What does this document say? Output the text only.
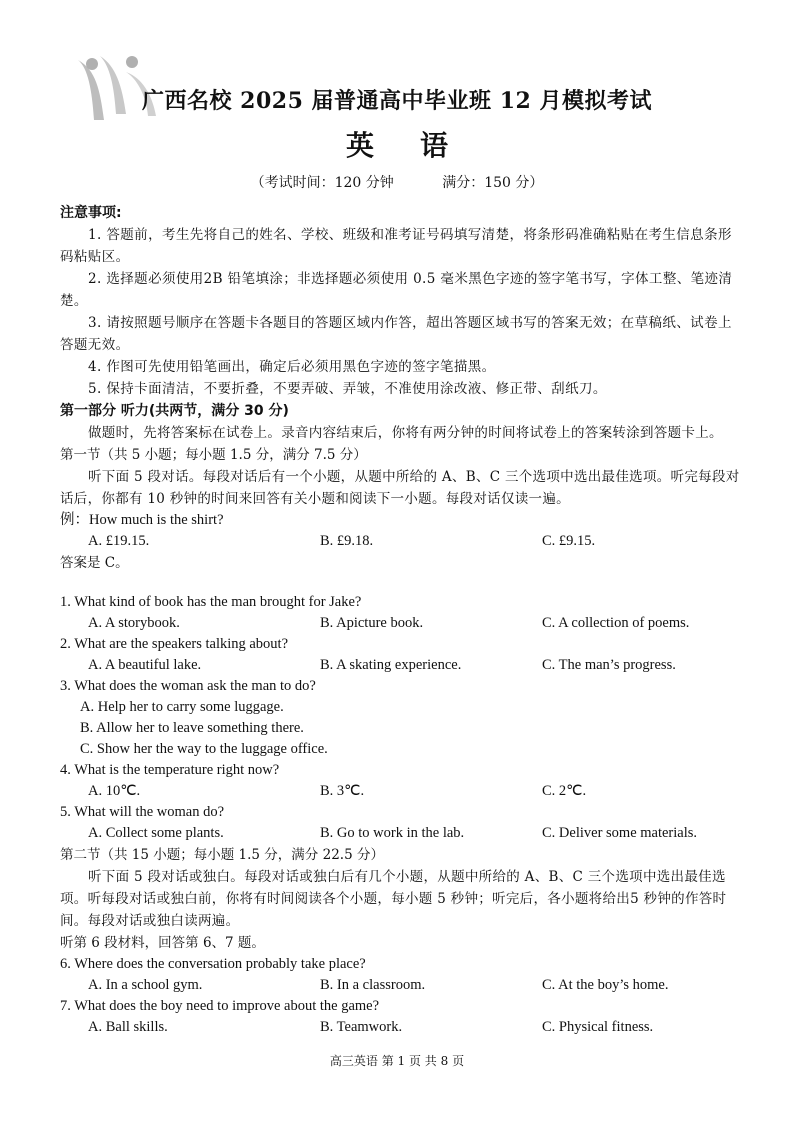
广西名校 2025 届普通高中毕业班 12 月模拟考试
英语
（考试时间：120 分钟	满分：150 分）
注意事项:
1. 答题前，考生先将自己的姓名、学校、班级和准考证号码填写清楚，将条形码准确粘贴在考生信息条形码粘贴区。
2. 选择题必须使用2B 铅笔填涂；非选择题必须使用 0.5 毫米黑色字迹的签字笔书写，字体工整、笔迹清楚。
3. 请按照题号顺序在答题卡各题目的答题区域内作答，超出答题区域书写的答案无效；在草稿纸、试卷上答题无效。
4. 作图可先使用铅笔画出，确定后必须用黑色字迹的签字笔描黑。
5. 保持卡面清洁，不要折叠，不要弄破、弄皱，不准使用涂改液、修正带、刮纸刀。
第一部分 听力(共两节，满分 30 分)
做题时，先将答案标在试卷上。录音内容结束后，你将有两分钟的时间将试卷上的答案转涂到答题卡上。
第一节（共 5 小题；每小题 1.5 分，满分 7.5 分）
听下面 5 段对话。每段对话后有一个小题，从题中所给的 A、B、C 三个选项中选出最佳选项。听完每段对话后，你都有 10 秒钟的时间来回答有关小题和阅读下一小题。每段对话仅读一遍。
例：How much is the shirt?
A. £19.15.	B. £9.18.	C. £9.15.
答案是 C。
1. What kind of book has the man brought for Jake?
A. A storybook.	B. Apicture book.	C. A collection of poems.
2. What are the speakers talking about?
A. A beautiful lake.	B. A skating experience.	C. The man’s progress.
3. What does the woman ask the man to do?
A. Help her to carry some luggage.
B. Allow her to leave something there.
C. Show her the way to the luggage office.
4. What is the temperature right now?
A. 10℃.	B. 3℃.	C. 2℃.
5. What will the woman do?
A. Collect some plants.	B. Go to work in the lab.	C. Deliver some materials.
第二节（共 15 小题；每小题 1.5 分，满分 22.5 分）
听下面 5 段对话或独白。每段对话或独白后有几个小题，从题中所给的 A、B、C 三个选项中选出最佳选项。听每段对话或独白前，你将有时间阅读各个小题，每小题 5 秒钟；听完后，各小题将给出5 秒钟的作答时间。每段对话或独白读两遍。
听第 6 段材料，回答第 6、7 题。
6. Where does the conversation probably take place?
A. In a school gym.	B. In a classroom.	C. At the boy’s home.
7. What does the boy need to improve about the game?
A. Ball skills.	B. Teamwork.	C. Physical fitness.
高三英语 第 1 页 共 8 页
